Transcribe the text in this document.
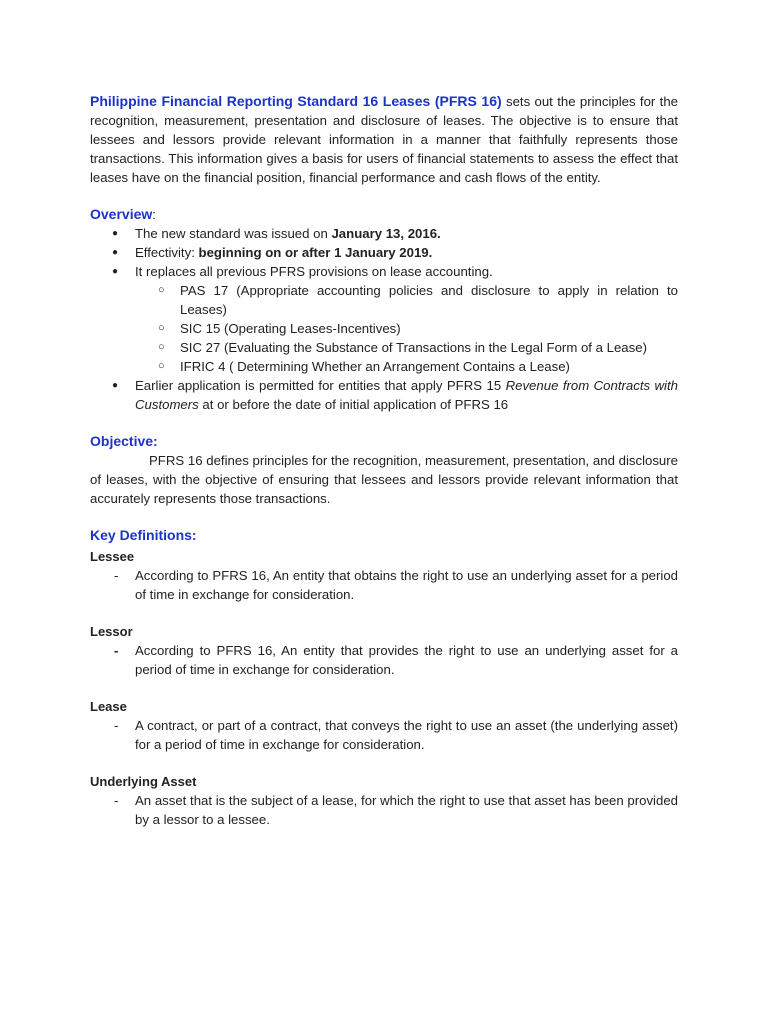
Philippine Financial Reporting Standard 16 Leases (PFRS 16) sets out the principles for the recognition, measurement, presentation and disclosure of leases. The objective is to ensure that lessees and lessors provide relevant information in a manner that faithfully represents those transactions. This information gives a basis for users of financial statements to assess the effect that leases have on the financial position, financial performance and cash flows of the entity.

Overview:
● The new standard was issued on January 13, 2016.
● Effectivity: beginning on or after 1 January 2019.
● It replaces all previous PFRS provisions on lease accounting.
○ PAS 17 (Appropriate accounting policies and disclosure to apply in relation to Leases)
○ SIC 15 (Operating Leases-Incentives)
○ SIC 27 (Evaluating the Substance of Transactions in the Legal Form of a Lease)
○ IFRIC 4 ( Determining Whether an Arrangement Contains a Lease)
● Earlier application is permitted for entities that apply PFRS 15 Revenue from Contracts with Customers at or before the date of initial application of PFRS 16
Objective:

PFRS 16 defines principles for the recognition, measurement, presentation, and disclosure of leases, with the objective of ensuring that lessees and lessors provide relevant information that accurately represents those transactions.

Key Definitions:
Lessee
- According to PFRS 16, An entity that obtains the right to use an underlying asset for a period of time in exchange for consideration.
Lessor
- According to PFRS 16, An entity that provides the right to use an underlying asset for a period of time in exchange for consideration.
Lease
- A contract, or part of a contract, that conveys the right to use an asset (the underlying asset) for a period of time in exchange for consideration.
Underlying Asset
- An asset that is the subject of a lease, for which the right to use that asset has been provided by a lessor to a lessee.
